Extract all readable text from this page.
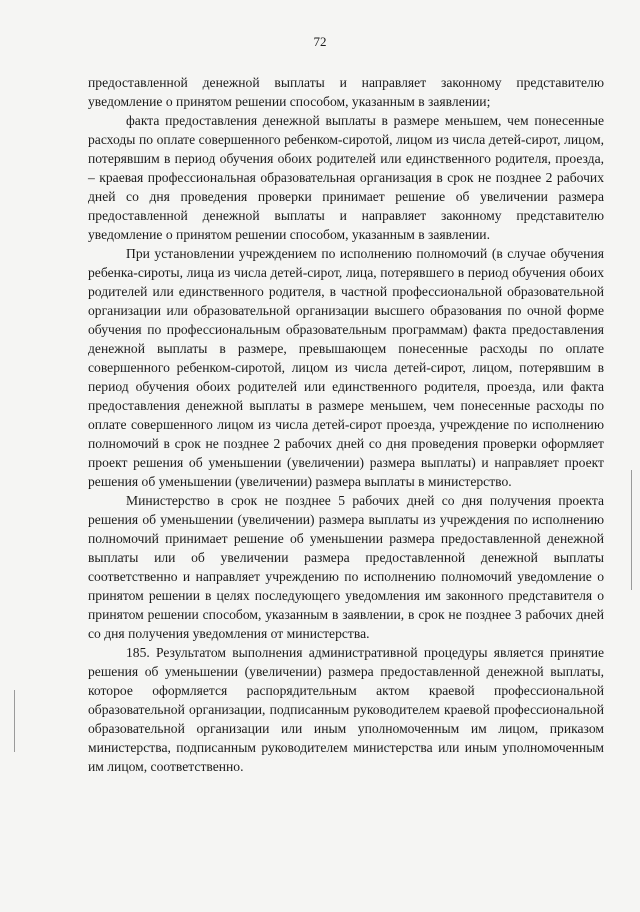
72

предоставленной денежной выплаты и направляет законному представителю уведомление о принятом решении способом, указанным в заявлении;

факта предоставления денежной выплаты в размере меньшем, чем понесенные расходы по оплате совершенного ребенком-сиротой, лицом из числа детей-сирот, лицом, потерявшим в период обучения обоих родителей или единственного родителя, проезда, – краевая профессиональная образовательная организация в срок не позднее 2 рабочих дней со дня проведения проверки принимает решение об увеличении размера предоставленной денежной выплаты и направляет законному представителю уведомление о принятом решении способом, указанным в заявлении.

При установлении учреждением по исполнению полномочий (в случае обучения ребенка-сироты, лица из числа детей-сирот, лица, потерявшего в период обучения обоих родителей или единственного родителя, в частной профессиональной образовательной организации или образовательной организации высшего образования по очной форме обучения по профессиональным образовательным программам) факта предоставления денежной выплаты в размере, превышающем понесенные расходы по оплате совершенного ребенком-сиротой, лицом из числа детей-сирот, лицом, потерявшим в период обучения обоих родителей или единственного родителя, проезда, или факта предоставления денежной выплаты в размере меньшем, чем понесенные расходы по оплате совершенного лицом из числа детей-сирот проезда, учреждение по исполнению полномочий в срок не позднее 2 рабочих дней со дня проведения проверки оформляет проект решения об уменьшении (увеличении) размера выплаты) и направляет проект решения об уменьшении (увеличении) размера выплаты в министерство.

Министерство в срок не позднее 5 рабочих дней со дня получения проекта решения об уменьшении (увеличении) размера выплаты из учреждения по исполнению полномочий принимает решение об уменьшении размера предоставленной денежной выплаты или об увеличении размера предоставленной денежной выплаты соответственно и направляет учреждению по исполнению полномочий уведомление о принятом решении в целях последующего уведомления им законного представителя о принятом решении способом, указанным в заявлении, в срок не позднее 3 рабочих дней со дня получения уведомления от министерства.

185. Результатом выполнения административной процедуры является принятие решения об уменьшении (увеличении) размера предоставленной денежной выплаты, которое оформляется распорядительным актом краевой профессиональной образовательной организации, подписанным руководителем краевой профессиональной образовательной организации или иным уполномоченным им лицом, приказом министерства, подписанным руководителем министерства или иным уполномоченным им лицом, соответственно.
